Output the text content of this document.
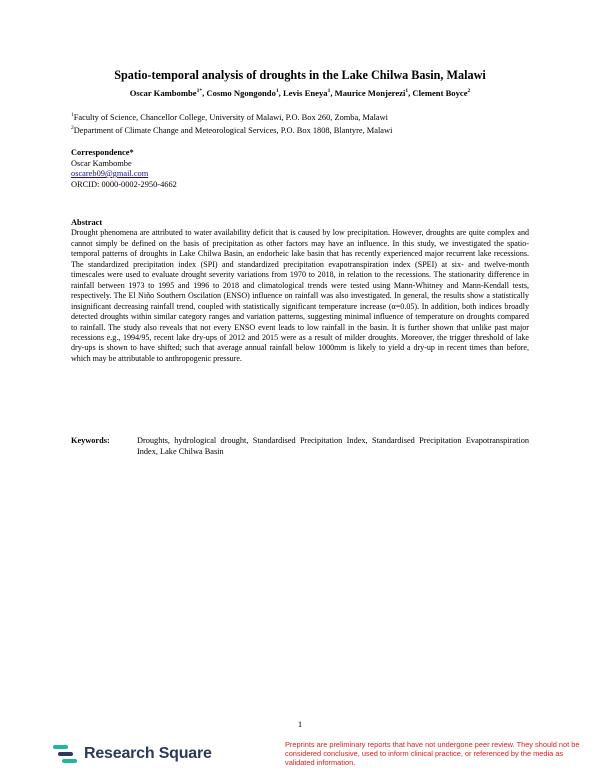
Spatio-temporal analysis of droughts in the Lake Chilwa Basin, Malawi
Oscar Kambombe$^{1*}$, Cosmo Ngongondo$^1$, Levis Eneya$^1$, Maurice Monjerezi$^1$, Clement Boyce$^2$
$^1$Faculty of Science, Chancellor College, University of Malawi, P.O. Box 260, Zomba, Malawi
$^2$Department of Climate Change and Meteorological Services, P.O. Box 1808, Blantyre, Malawi
Correspondence*
Oscar Kambombe
oscareb09@gmail.com
ORCID: 0000-0002-2950-4662
Abstract
Drought phenomena are attributed to water availability deficit that is caused by low precipitation. However, droughts are quite complex and cannot simply be defined on the basis of precipitation as other factors may have an influence. In this study, we investigated the spatio-temporal patterns of droughts in Lake Chilwa Basin, an endorheic lake basin that has recently experienced major recurrent lake recessions. The standardized precipitation index (SPI) and standardized precipitation evapotranspiration index (SPEI) at six- and twelve-month timescales were used to evaluate drought severity variations from 1970 to 2018, in relation to the recessions. The stationarity difference in rainfall between 1973 to 1995 and 1996 to 2018 and climatological trends were tested using Mann-Whitney and Mann-Kendall tests, respectively. The El Niño Southern Oscilation (ENSO) influence on rainfall was also investigated. In general, the results show a statistically insignificant decreasing rainfall trend, coupled with statistically significant temperature increase (α=0.05). In addition, both indices broadly detected droughts within similar category ranges and variation patterns, suggesting minimal influence of temperature on droughts compared to rainfall. The study also reveals that not every ENSO event leads to low rainfall in the basin. It is further shown that unlike past major recessions e.g., 1994/95, recent lake dry-ups of 2012 and 2015 were as a result of milder droughts. Moreover, the trigger threshold of lake dry-ups is shown to have shifted; such that average annual rainfall below 1000mm is likely to yield a dry-up in recent times than before, which may be attributable to anthropogenic pressure.
Keywords:	Droughts, hydrological drought, Standardised Precipitation Index, Standardised Precipitation Evapotranspiration Index, Lake Chilwa Basin
1
Research Square
Preprints are preliminary reports that have not undergone peer review. They should not be considered conclusive, used to inform clinical practice, or referenced by the media as validated information.
